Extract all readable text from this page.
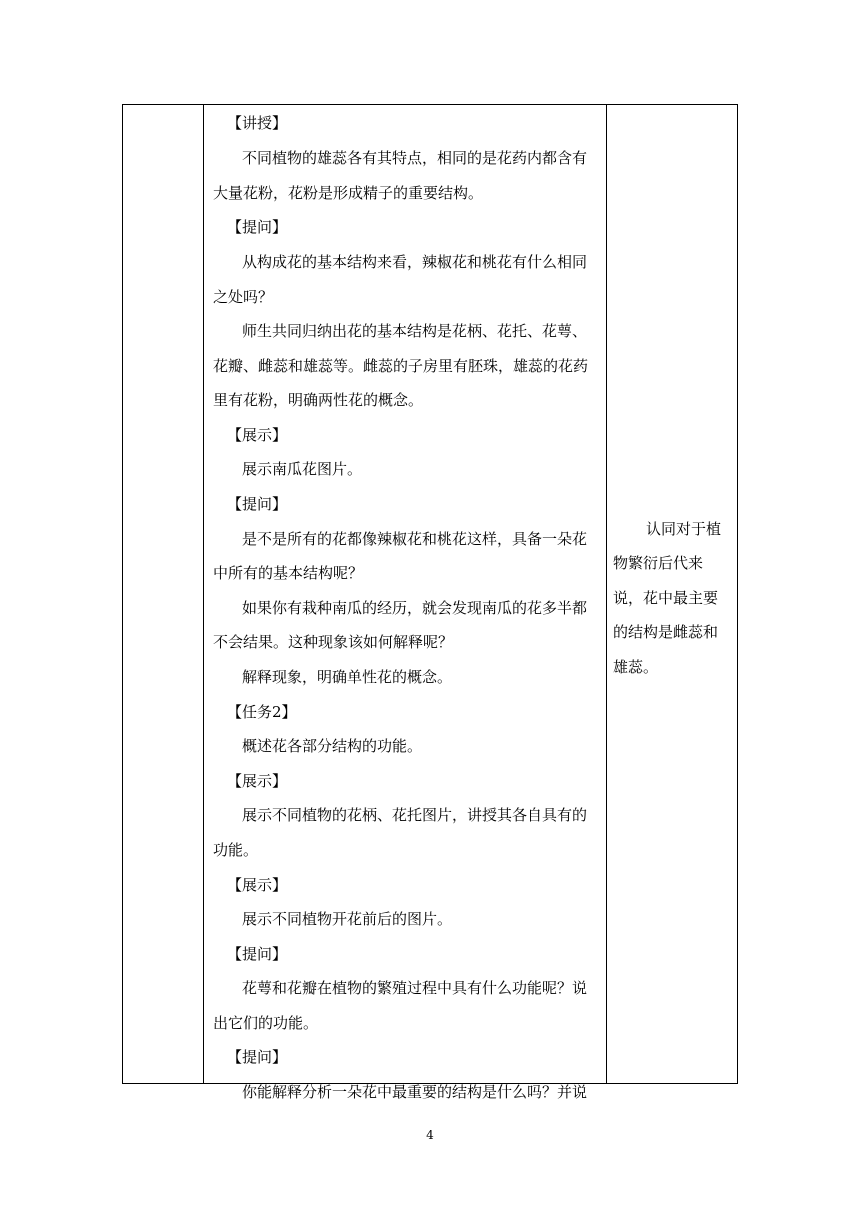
【讲授】
不同植物的雄蕊各有其特点，相同的是花药内都含有
大量花粉，花粉是形成精子的重要结构。
【提问】
从构成花的基本结构来看，辣椒花和桃花有什么相同
之处吗？
师生共同归纳出花的基本结构是花柄、花托、花萼、
花瓣、雌蕊和雄蕊等。雌蕊的子房里有胚珠，雄蕊的花药
里有花粉，明确两性花的概念。
【展示】
展示南瓜花图片。
【提问】
是不是所有的花都像辣椒花和桃花这样，具备一朵花
中所有的基本结构呢？
如果你有栽种南瓜的经历，就会发现南瓜的花多半都
不会结果。这种现象该如何解释呢？
解释现象，明确单性花的概念。
【任务2】
概述花各部分结构的功能。
【展示】
展示不同植物的花柄、花托图片，讲授其各自具有的
功能。
【展示】
展示不同植物开花前后的图片。
【提问】
花萼和花瓣在植物的繁殖过程中具有什么功能呢？说
出它们的功能。
【提问】
你能解释分析一朵花中最重要的结构是什么吗？并说
认同对于植
物繁衍后代来
说，花中最主要
的结构是雌蕊和
雄蕊。
4
